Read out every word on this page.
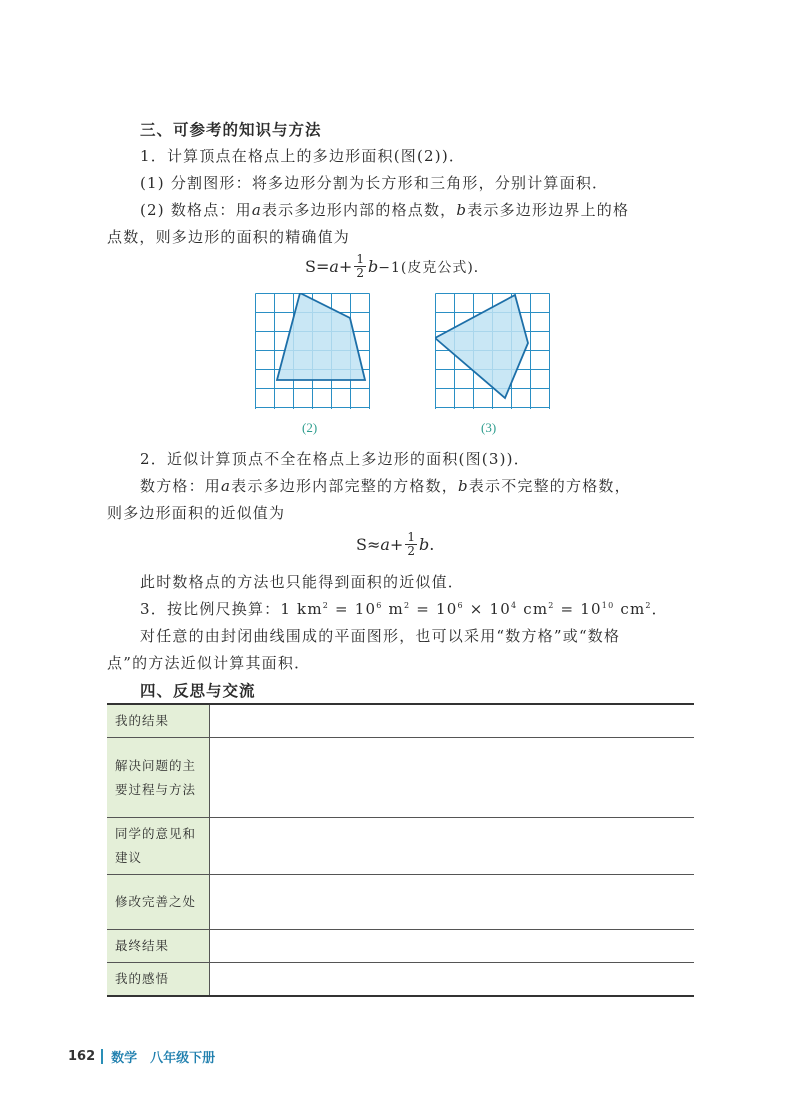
三、可参考的知识与方法
1．计算顶点在格点上的多边形面积(图(2))．
(1) 分割图形：将多边形分割为长方形和三角形，分别计算面积．
(2) 数格点：用a表示多边形内部的格点数，b表示多边形边界上的格
点数，则多边形的面积的精确值为
$S= a + \frac{1}{2}$ b −1(皮克公式)．
(2)	(3)
2．近似计算顶点不全在格点上多边形的面积(图(3))．
数方格：用a表示多边形内部完整的方格数，b表示不完整的方格数，
则多边形面积的近似值为
$S\approx a + \frac{1}{2}$ b .
此时数格点的方法也只能得到面积的近似值．
3．按比例尺换算：1 $km^2 = 10^6$ $m^2 = 10^6 \times 10^4$ $cm^2 = 10^{10}$ $cm^2$．
对任意的由封闭曲线围成的平面图形，也可以采用“数方格”或“数格
点”的方法近似计算其面积．
四、反思与交流
我的结果	
解决问题的主要过程与方法	
同学的意见和建议	
修改完善之处	
最终结果	
我的感悟	
162 数学　八年级下册
